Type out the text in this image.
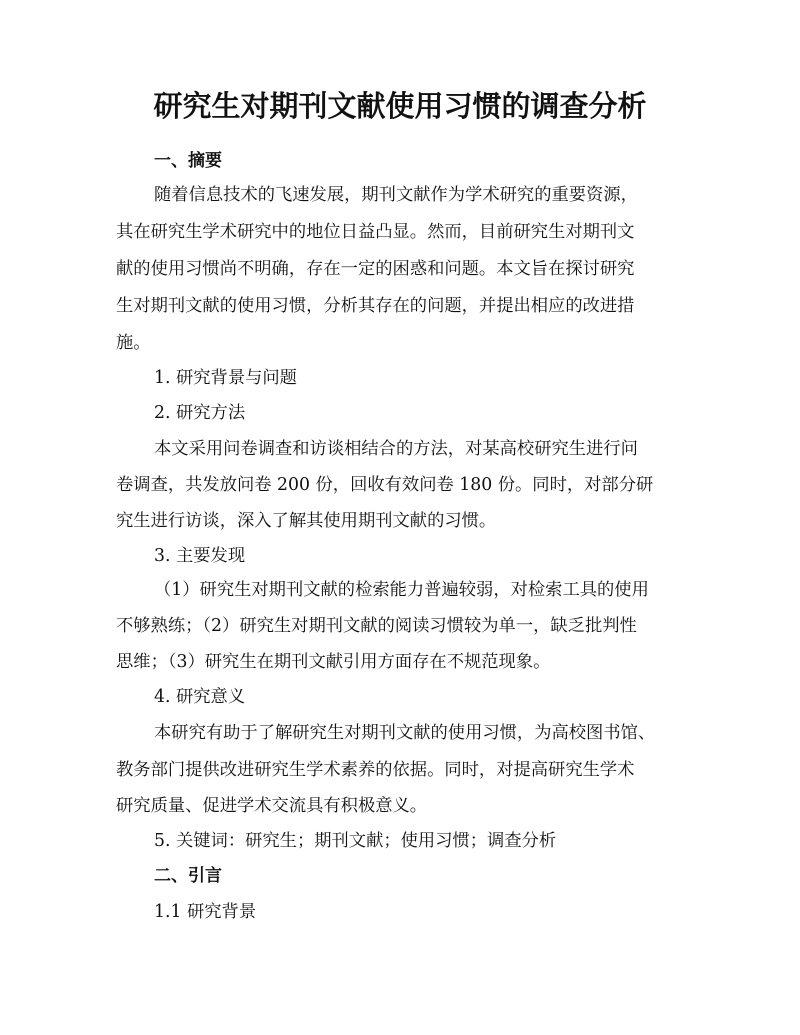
研究生对期刊文献使用习惯的调查分析
一、摘要
随着信息技术的飞速发展，期刊文献作为学术研究的重要资源，
其在研究生学术研究中的地位日益凸显。然而，目前研究生对期刊文
献的使用习惯尚不明确，存在一定的困惑和问题。本文旨在探讨研究
生对期刊文献的使用习惯，分析其存在的问题，并提出相应的改进措
施。
1. 研究背景与问题
2. 研究方法
本文采用问卷调查和访谈相结合的方法，对某高校研究生进行问
卷调查，共发放问卷 200 份，回收有效问卷 180 份。同时，对部分研
究生进行访谈，深入了解其使用期刊文献的习惯。
3. 主要发现
（1）研究生对期刊文献的检索能力普遍较弱，对检索工具的使用
不够熟练；（2）研究生对期刊文献的阅读习惯较为单一，缺乏批判性
思维；（3）研究生在期刊文献引用方面存在不规范现象。
4. 研究意义
本研究有助于了解研究生对期刊文献的使用习惯，为高校图书馆、
教务部门提供改进研究生学术素养的依据。同时，对提高研究生学术
研究质量、促进学术交流具有积极意义。
5. 关键词：研究生；期刊文献；使用习惯；调查分析
二、引言
1.1 研究背景
